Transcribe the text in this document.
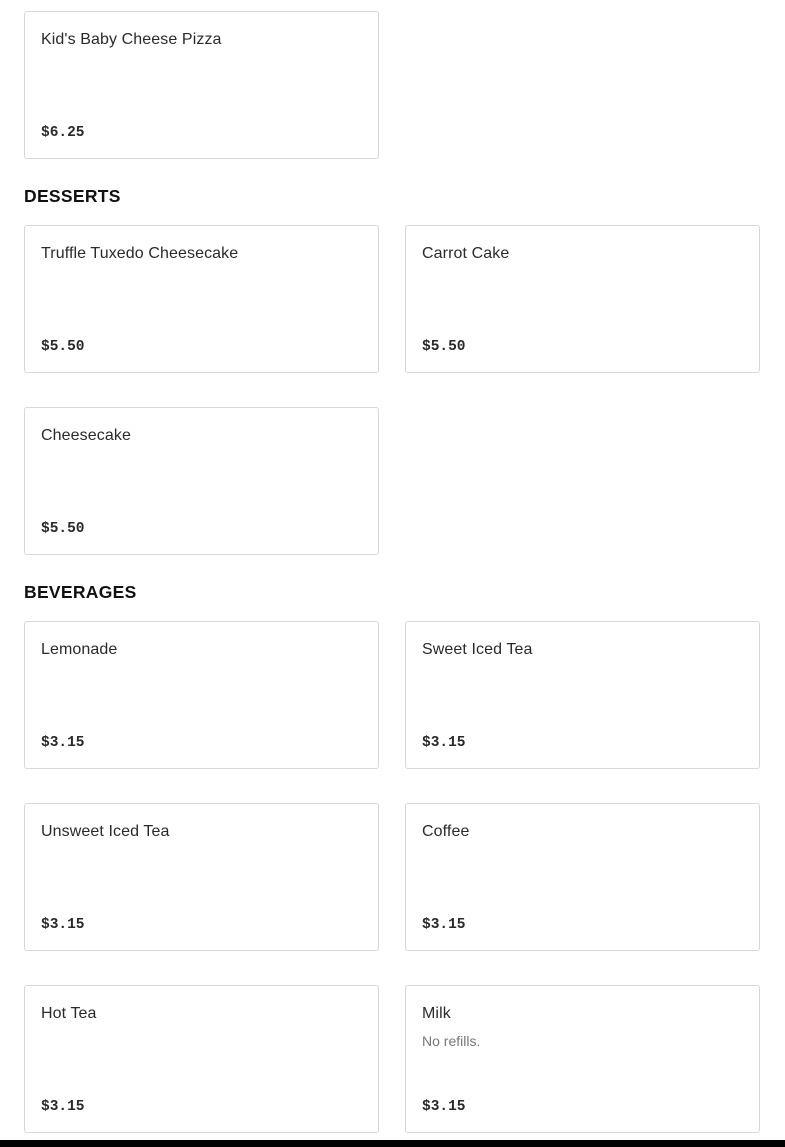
Kid's Baby Cheese Pizza
$6.25
DESSERTS
Truffle Tuxedo Cheesecake
$5.50
Carrot Cake
$5.50
Cheesecake
$5.50
BEVERAGES
Lemonade
$3.15
Sweet Iced Tea
$3.15
Unsweet Iced Tea
$3.15
Coffee
$3.15
Hot Tea
$3.15
Milk
No refills.
$3.15
